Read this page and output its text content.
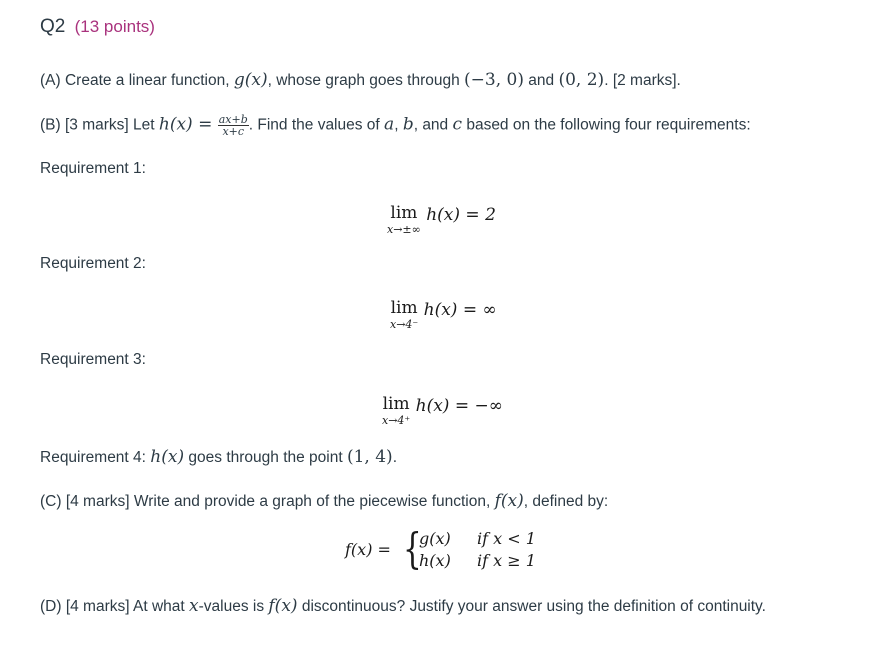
Q2 (13 points)
(A) Create a linear function, g(x), whose graph goes through (−3, 0) and (0, 2). [2 marks].
(B) [3 marks] Let $h(x) = \frac{ax+b}{x+c}$ . Find the values of a, b, and c based on the following four requirements:
Requirement 1:
lim
x→±∞
h(x) = 2
Requirement 2:
lim
x→4⁻
h(x) = ∞
Requirement 3:
lim
x→4⁺
h(x) = −∞
Requirement 4: h(x) goes through the point (1, 4).
(C) [4 marks] Write and provide a graph of the piecewise function, f(x), defined by:
f(x) = {
g(x) if x < 1
h(x) if x ≥ 1
(D) [4 marks] At what x-values is f(x) discontinuous? Justify your answer using the definition of continuity.
